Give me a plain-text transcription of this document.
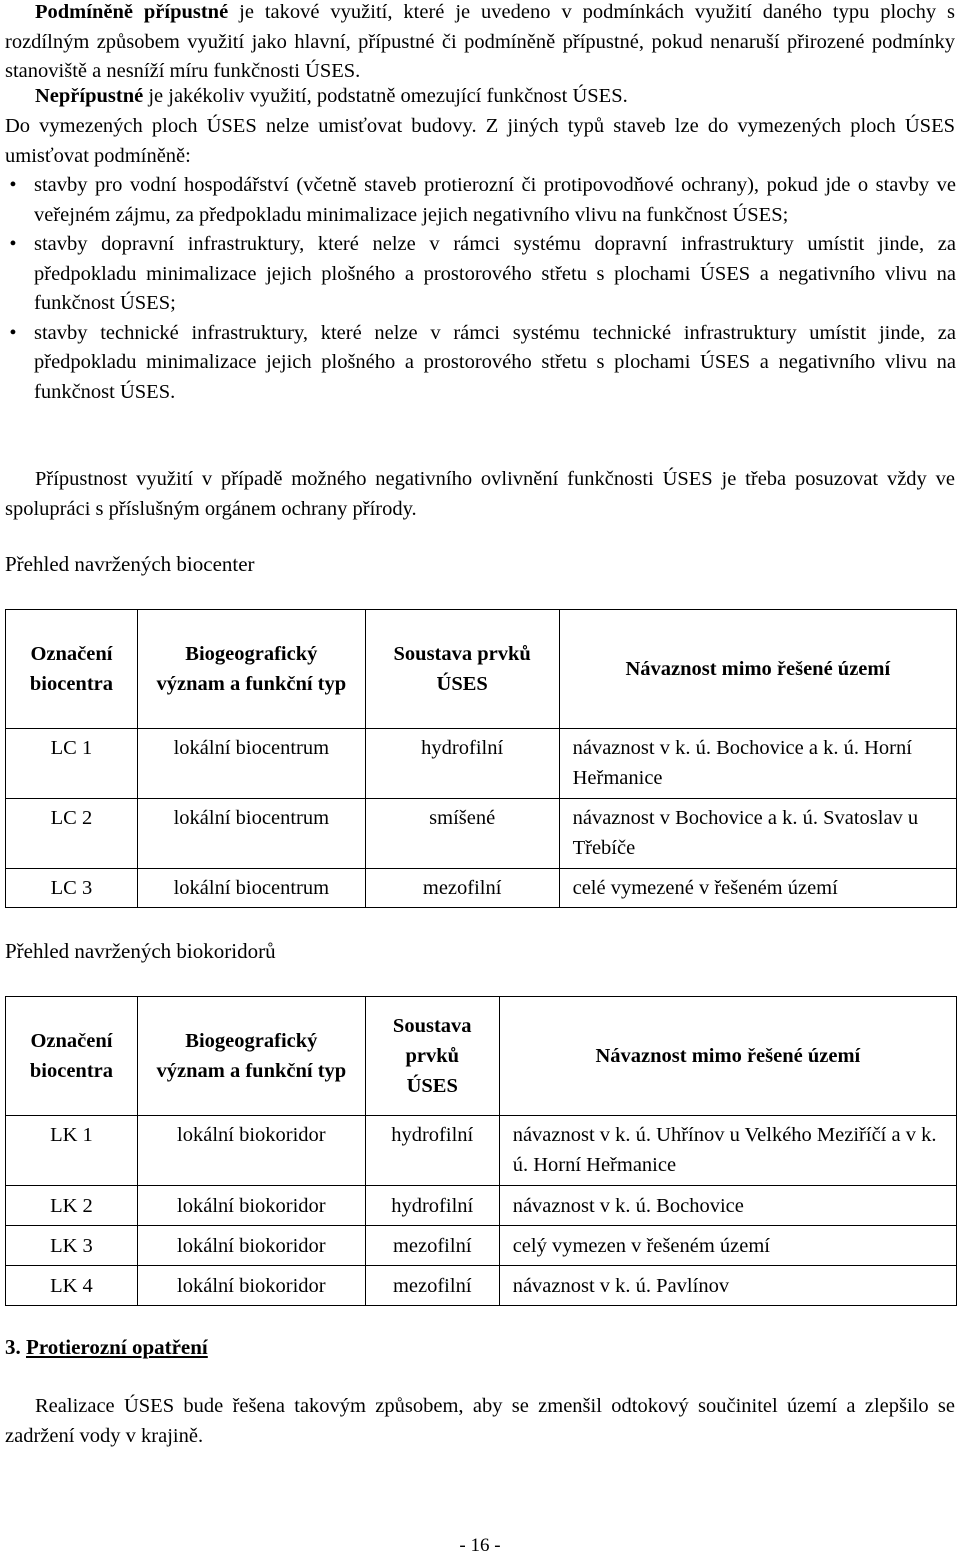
Podmíněně přípustné je takové využití, které je uvedeno v podmínkách využití daného typu plochy s rozdílným způsobem využití jako hlavní, přípustné či podmíněně přípustné, pokud nenaruší přirozené podmínky stanoviště a nesníží míru funkčnosti ÚSES.

Nepřípustné je jakékoliv využití, podstatně omezující funkčnost ÚSES.

Do vymezených ploch ÚSES nelze umisťovat budovy. Z jiných typů staveb lze do vymezených ploch ÚSES umisťovat podmíněně:

• stavby pro vodní hospodářství (včetně staveb protierozní či protipovodňové ochrany), pokud jde o stavby ve veřejném zájmu, za předpokladu minimalizace jejich negativního vlivu na funkčnost ÚSES;
• stavby dopravní infrastruktury, které nelze v rámci systému dopravní infrastruktury umístit jinde, za předpokladu minimalizace jejich plošného a prostorového střetu s plochami ÚSES a negativního vlivu na funkčnost ÚSES;
• stavby technické infrastruktury, které nelze v rámci systému technické infrastruktury umístit jinde, za předpokladu minimalizace jejich plošného a prostorového střetu s plochami ÚSES a negativního vlivu na funkčnost ÚSES.

Přípustnost využití v případě možného negativního ovlivnění funkčnosti ÚSES je třeba posuzovat vždy ve spolupráci s příslušným orgánem ochrany přírody.

Přehled navržených biocenter
Označení biocentra	Biogeografický význam a funkční typ	Soustava prvků ÚSES	Návaznost mimo řešené území

LC 1	lokální biocentrum	hydrofilní	návaznost v k. ú. Bochovice a k. ú. Horní Heřmanice

LC 2	lokální biocentrum	smíšené	návaznost v Bochovice a k. ú. Svatoslav u Třebíče

LC 3	lokální biocentrum	mezofilní	celé vymezené v řešeném území
Přehled navržených biokoridorů
Označení biocentra	Biogeografický význam a funkční typ	Soustava prvků ÚSES	Návaznost mimo řešené území

LK 1	lokální biokoridor	hydrofilní	návaznost v k. ú. Uhřínov u Velkého Meziříčí a v k. ú. Horní Heřmanice

LK 2	lokální biokoridor	hydrofilní	návaznost v k. ú. Bochovice

LK 3	lokální biokoridor	mezofilní	celý vymezen v řešeném území

LK 4	lokální biokoridor	mezofilní	návaznost v k. ú. Pavlínov
3. Protierozní opatření

Realizace ÚSES bude řešena takovým způsobem, aby se zmenšil odtokový součinitel území a zlepšilo se zadržení vody v krajině.

- 16 -
